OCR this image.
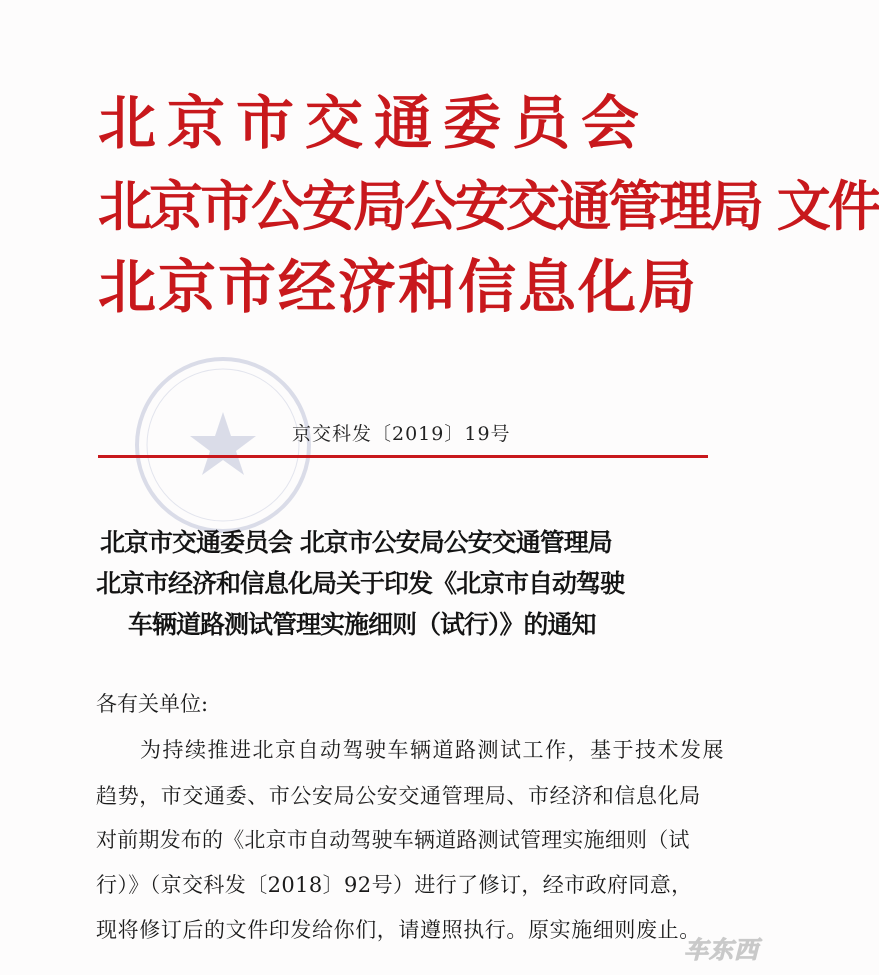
北京市交通委员会
北京市公安局公安交通管理局 文件
北京市经济和信息化局
京交科发〔2019〕19号
北京市交通委员会 北京市公安局公安交通管理局
北京市经济和信息化局关于印发《北京市自动驾驶
车辆道路测试管理实施细则（试行）》的通知
各有关单位:
为持续推进北京自动驾驶车辆道路测试工作，基于技术发展
趋势，市交通委、市公安局公安交通管理局、市经济和信息化局
对前期发布的《北京市自动驾驶车辆道路测试管理实施细则（试
行）》（京交科发〔2018〕92号）进行了修订，经市政府同意，
现将修订后的文件印发给你们，请遵照执行。原实施细则废止。
车东西
